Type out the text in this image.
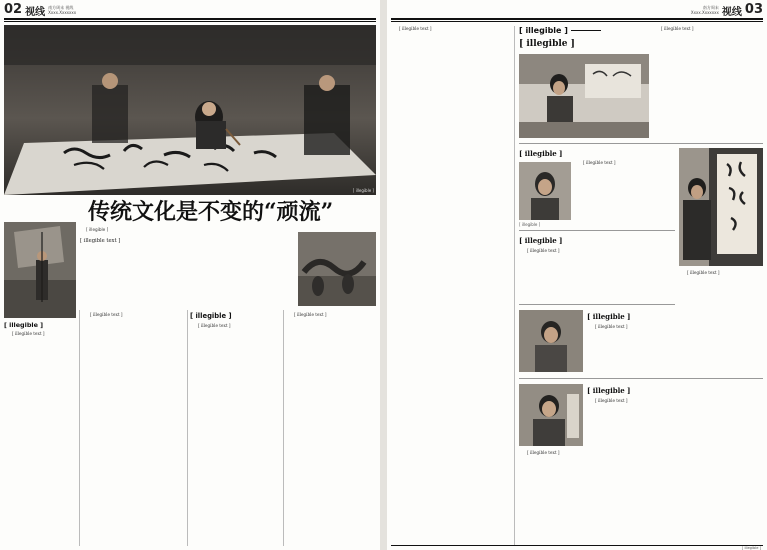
02 视线 南方周末 视线
Xxxx.Xxxxxxx
[ illegible ]
传统文化是不变的“顽流”
[ illegible ]
[ illegible text ]
[ illegible ]

[ illegible text ]

[ illegible text ]	[ illegible ]

[ illegible text ]

[ illegible text ]

南方周末
Xxxx.Xxxxxxx 视线 03

[ illegible text ]	[ illegible ]
[ illegible ]

[ illegible text ]

[ illegible ]
[ illegible ]

[ illegible text ]

[ illegible ]

[ illegible text ]

[ illegible text ]

[ illegible ]

[ illegible text ]

[ illegible ]

[ illegible text ]

[ illegible text ]

[ illegible ]
